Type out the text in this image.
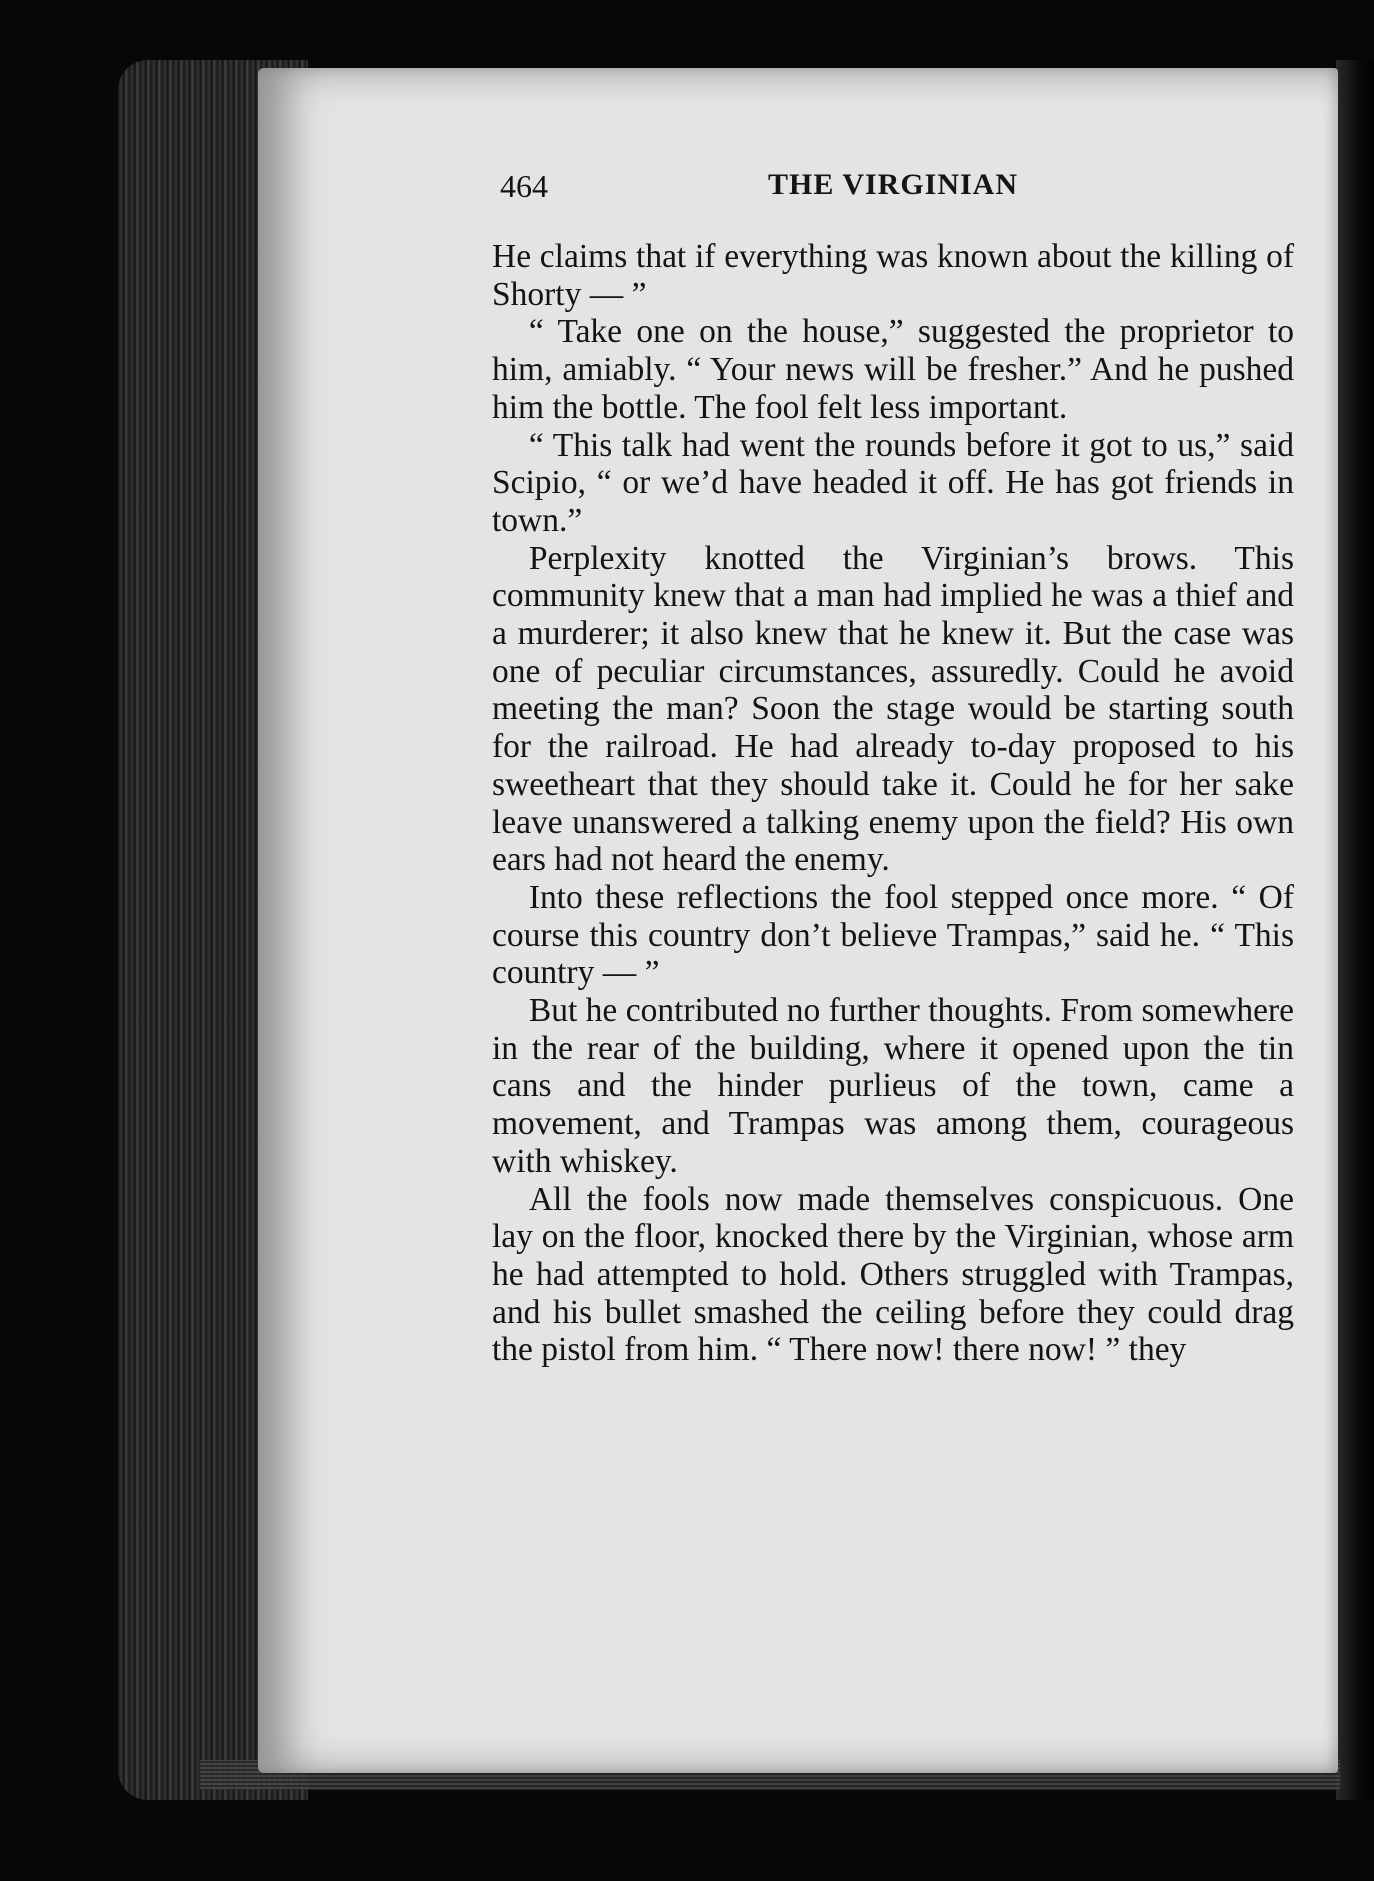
464	THE VIRGINIAN

He claims that if everything was known about the killing of Shorty — ”

“ Take one on the house,” suggested the proprietor to him, amiably. “ Your news will be fresher.” And he pushed him the bottle. The fool felt less important.

“ This talk had went the rounds before it got to us,” said Scipio, “ or we’d have headed it off. He has got friends in town.”

Perplexity knotted the Virginian’s brows. This community knew that a man had implied he was a thief and a murderer; it also knew that he knew it. But the case was one of peculiar circumstances, assuredly. Could he avoid meeting the man? Soon the stage would be starting south for the railroad. He had already to-day proposed to his sweetheart that they should take it. Could he for her sake leave unanswered a talking enemy upon the field? His own ears had not heard the enemy.

Into these reflections the fool stepped once more. “ Of course this country don’t believe Trampas,” said he. “ This country — ”

But he contributed no further thoughts. From somewhere in the rear of the building, where it opened upon the tin cans and the hinder purlieus of the town, came a movement, and Trampas was among them, courageous with whiskey.

All the fools now made themselves conspicuous. One lay on the floor, knocked there by the Virginian, whose arm he had attempted to hold. Others struggled with Trampas, and his bullet smashed the ceiling before they could drag the pistol from him. “ There now! there now! ” they
